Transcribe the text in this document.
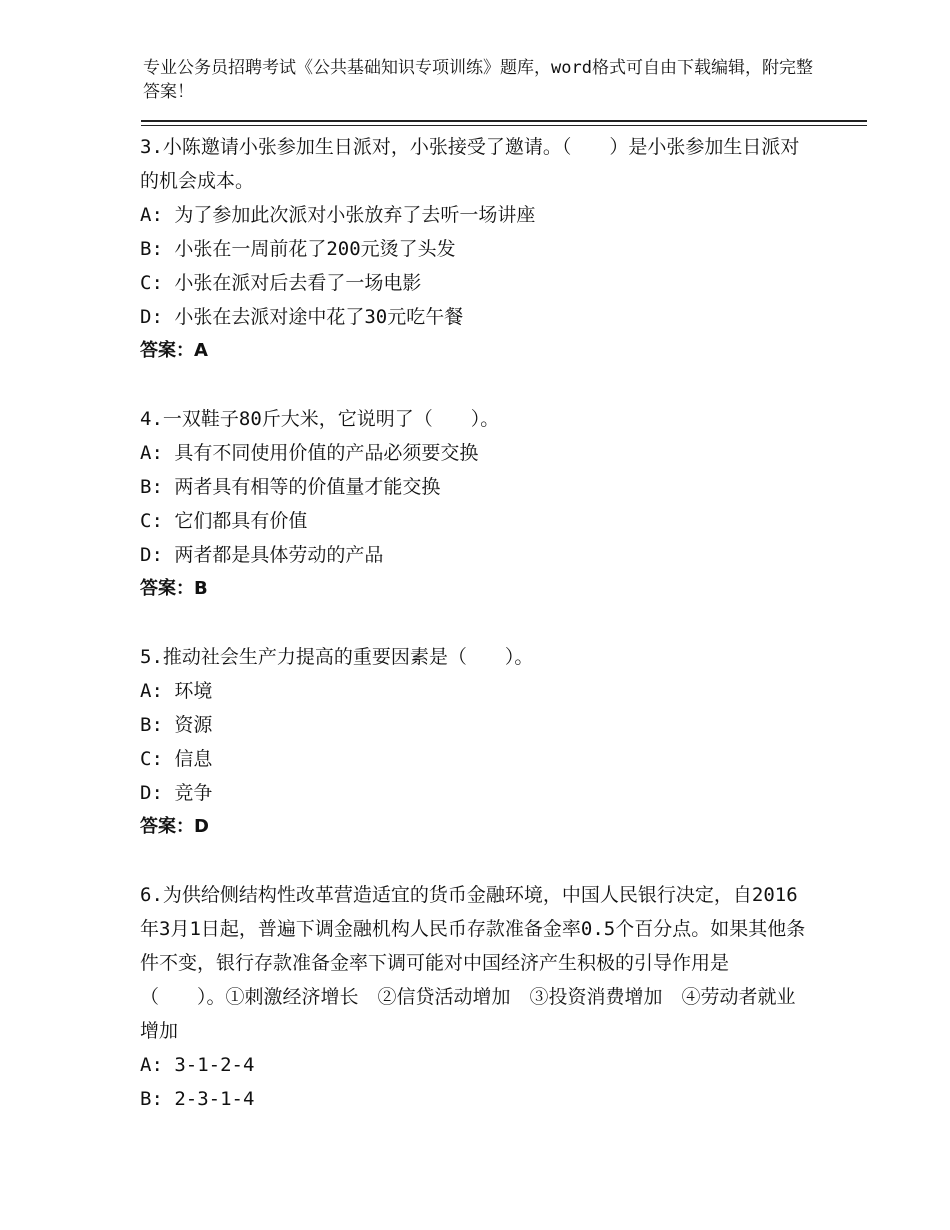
专业公务员招聘考试《公共基础知识专项训练》题库，word格式可自由下载编辑，附完整答案！

3.小陈邀请小张参加生日派对，小张接受了邀请。（　　）是小张参加生日派对的机会成本。

A: 为了参加此次派对小张放弃了去听一场讲座

B: 小张在一周前花了200元烫了头发

C: 小张在派对后去看了一场电影

D: 小张在去派对途中花了30元吃午餐

答案：A

4.一双鞋子80斤大米，它说明了（　　）。

A: 具有不同使用价值的产品必须要交换

B: 两者具有相等的价值量才能交换

C: 它们都具有价值

D: 两者都是具体劳动的产品

答案：B

5.推动社会生产力提高的重要因素是（　　）。

A: 环境

B: 资源

C: 信息

D: 竞争

答案：D

6.为供给侧结构性改革营造适宜的货币金融环境，中国人民银行决定，自2016年3月1日起，普遍下调金融机构人民币存款准备金率0.5个百分点。如果其他条件不变，银行存款准备金率下调可能对中国经济产生积极的引导作用是（　　）。①刺激经济增长　②信贷活动增加　③投资消费增加　④劳动者就业增加

A: 3-1-2-4

B: 2-3-1-4
